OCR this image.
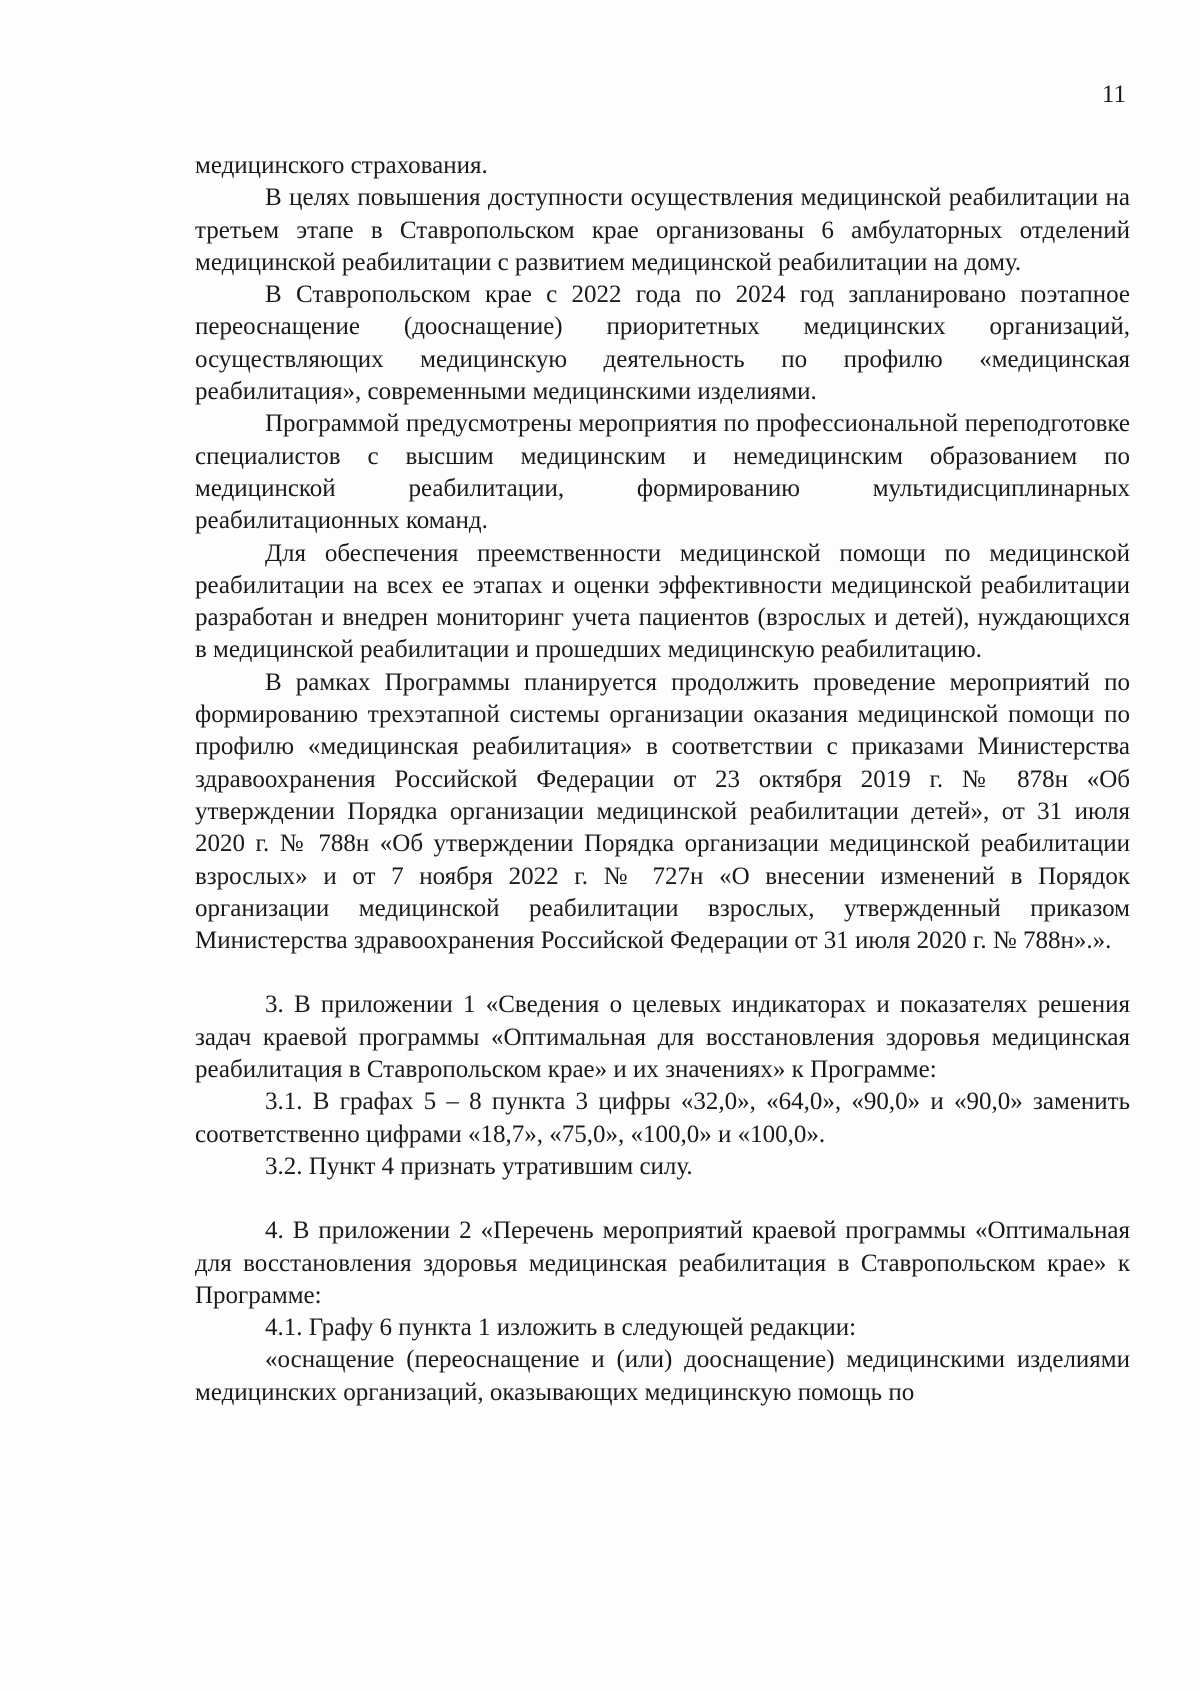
11

медицинского страхования.

В целях повышения доступности осуществления медицинской реабилитации на третьем этапе в Ставропольском крае организованы 6 амбулаторных отделений медицинской реабилитации с развитием медицинской реабилитации на дому.

В Ставропольском крае с 2022 года по 2024 год запланировано поэтапное переоснащение (дооснащение) приоритетных медицинских организаций, осуществляющих медицинскую деятельность по профилю «медицинская реабилитация», современными медицинскими изделиями.

Программой предусмотрены мероприятия по профессиональной переподготовке специалистов с высшим медицинским и немедицинским образованием по медицинской реабилитации, формированию мультидисциплинарных реабилитационных команд.

Для обеспечения преемственности медицинской помощи по медицинской реабилитации на всех ее этапах и оценки эффективности медицинской реабилитации разработан и внедрен мониторинг учета пациентов (взрослых и детей), нуждающихся в медицинской реабилитации и прошедших медицинскую реабилитацию.

В рамках Программы планируется продолжить проведение мероприятий по формированию трехэтапной системы организации оказания медицинской помощи по профилю «медицинская реабилитация» в соответствии с приказами Министерства здравоохранения Российской Федерации от 23 октября 2019 г. № 878н «Об утверждении Порядка организации медицинской реабилитации детей», от 31 июля 2020 г. № 788н «Об утверждении Порядка организации медицинской реабилитации взрослых» и от 7 ноября 2022 г. № 727н «О внесении изменений в Порядок организации медицинской реабилитации взрослых, утвержденный приказом Министерства здравоохранения Российской Федерации от 31 июля 2020 г. № 788н».».

3. В приложении 1 «Сведения о целевых индикаторах и показателях решения задач краевой программы «Оптимальная для восстановления здоровья медицинская реабилитация в Ставропольском крае» и их значениях» к Программе:

3.1. В графах 5 – 8 пункта 3 цифры «32,0», «64,0», «90,0» и «90,0» заменить соответственно цифрами «18,7», «75,0», «100,0» и «100,0».

3.2. Пункт 4 признать утратившим силу.

4. В приложении 2 «Перечень мероприятий краевой программы «Оптимальная для восстановления здоровья медицинская реабилитация в Ставропольском крае» к Программе:

4.1. Графу 6 пункта 1 изложить в следующей редакции:

«оснащение (переоснащение и (или) дооснащение) медицинскими изделиями медицинских организаций, оказывающих медицинскую помощь по
